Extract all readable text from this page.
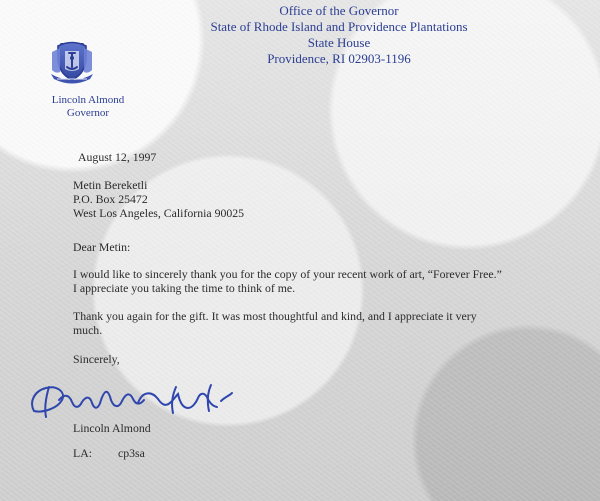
Lincoln Almond
Governor
Office of the Governor
State of Rhode Island and Providence Plantations
State House
Providence, RI 02903-1196
August 12, 1997
Metin Bereketli
P.O. Box 25472
West Los Angeles, California 90025
Dear Metin:
I would like to sincerely thank you for the copy of your recent work of art, “Forever Free.”
I appreciate you taking the time to think of me.
Thank you again for the gift. It was most thoughtful and kind, and I appreciate it very
much.
Sincerely,
Lincoln Almond
LA: cp3sa
